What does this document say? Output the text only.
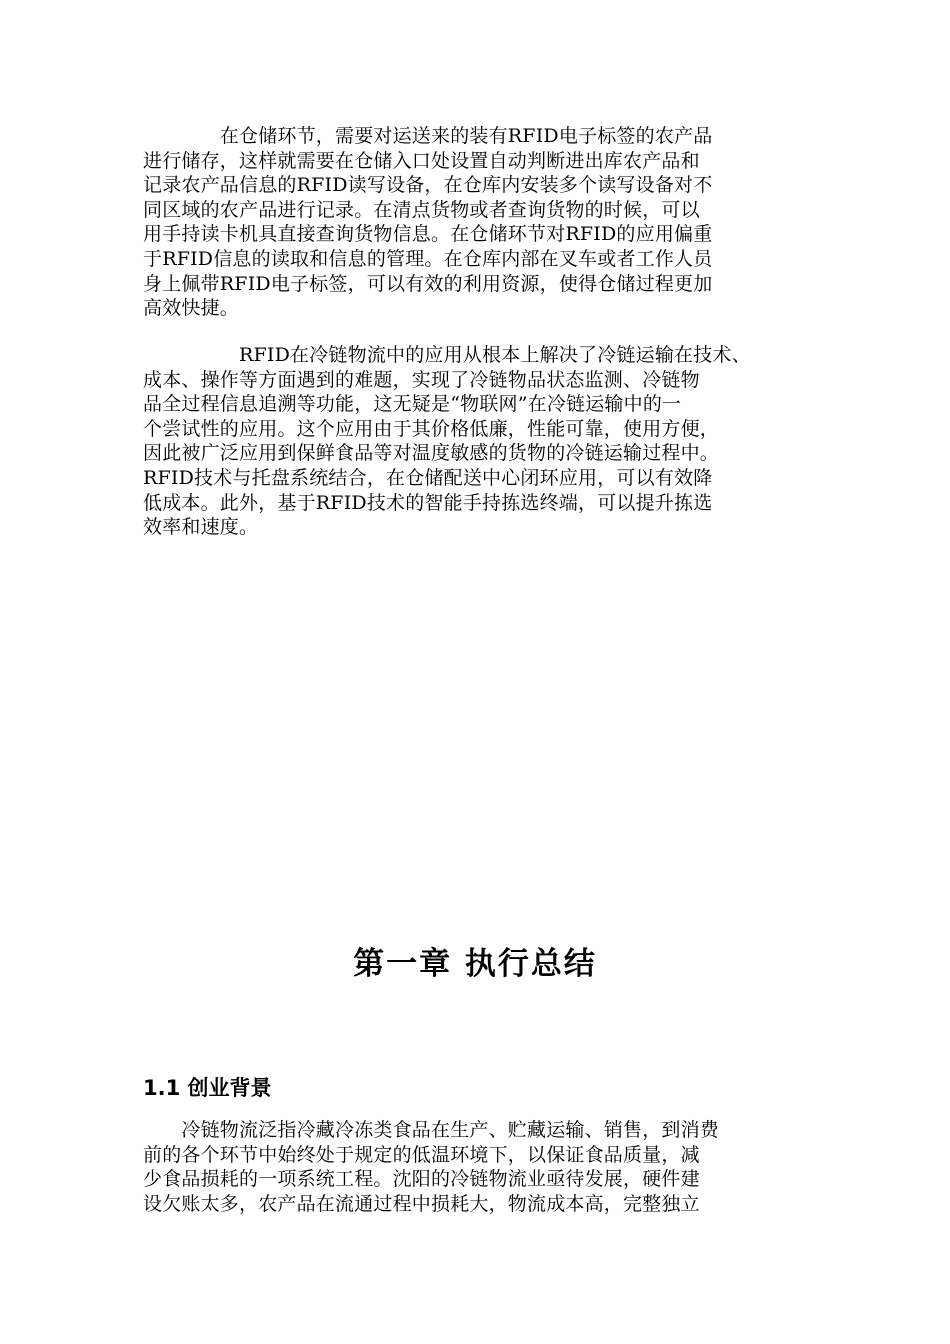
　　　　在仓储环节，需要对运送来的装有RFID电子标签的农产品
进行储存，这样就需要在仓储入口处设置自动判断进出库农产品和
记录农产品信息的RFID读写设备，在仓库内安装多个读写设备对不
同区域的农产品进行记录。在清点货物或者查询货物的时候，可以
用手持读卡机具直接查询货物信息。在仓储环节对RFID的应用偏重
于RFID信息的读取和信息的管理。在仓库内部在叉车或者工作人员
身上佩带RFID电子标签，可以有效的利用资源，使得仓储过程更加
高效快捷。

　　　　　RFID在冷链物流中的应用从根本上解决了冷链运输在技术、
成本、操作等方面遇到的难题，实现了冷链物品状态监测、冷链物
品全过程信息追溯等功能，这无疑是“物联网”在冷链运输中的一
个尝试性的应用。这个应用由于其价格低廉，性能可靠，使用方便，
因此被广泛应用到保鲜食品等对温度敏感的货物的冷链运输过程中。
RFID技术与托盘系统结合，在仓储配送中心闭环应用，可以有效降
低成本。此外，基于RFID技术的智能手持拣选终端，可以提升拣选
效率和速度。

第一章 执行总结
1.1 创业背景

　　冷链物流泛指冷藏冷冻类食品在生产、贮藏运输、销售，到消费
前的各个环节中始终处于规定的低温环境下，以保证食品质量，减
少食品损耗的一项系统工程。沈阳的冷链物流业亟待发展，硬件建
设欠账太多，农产品在流通过程中损耗大，物流成本高，完整独立
